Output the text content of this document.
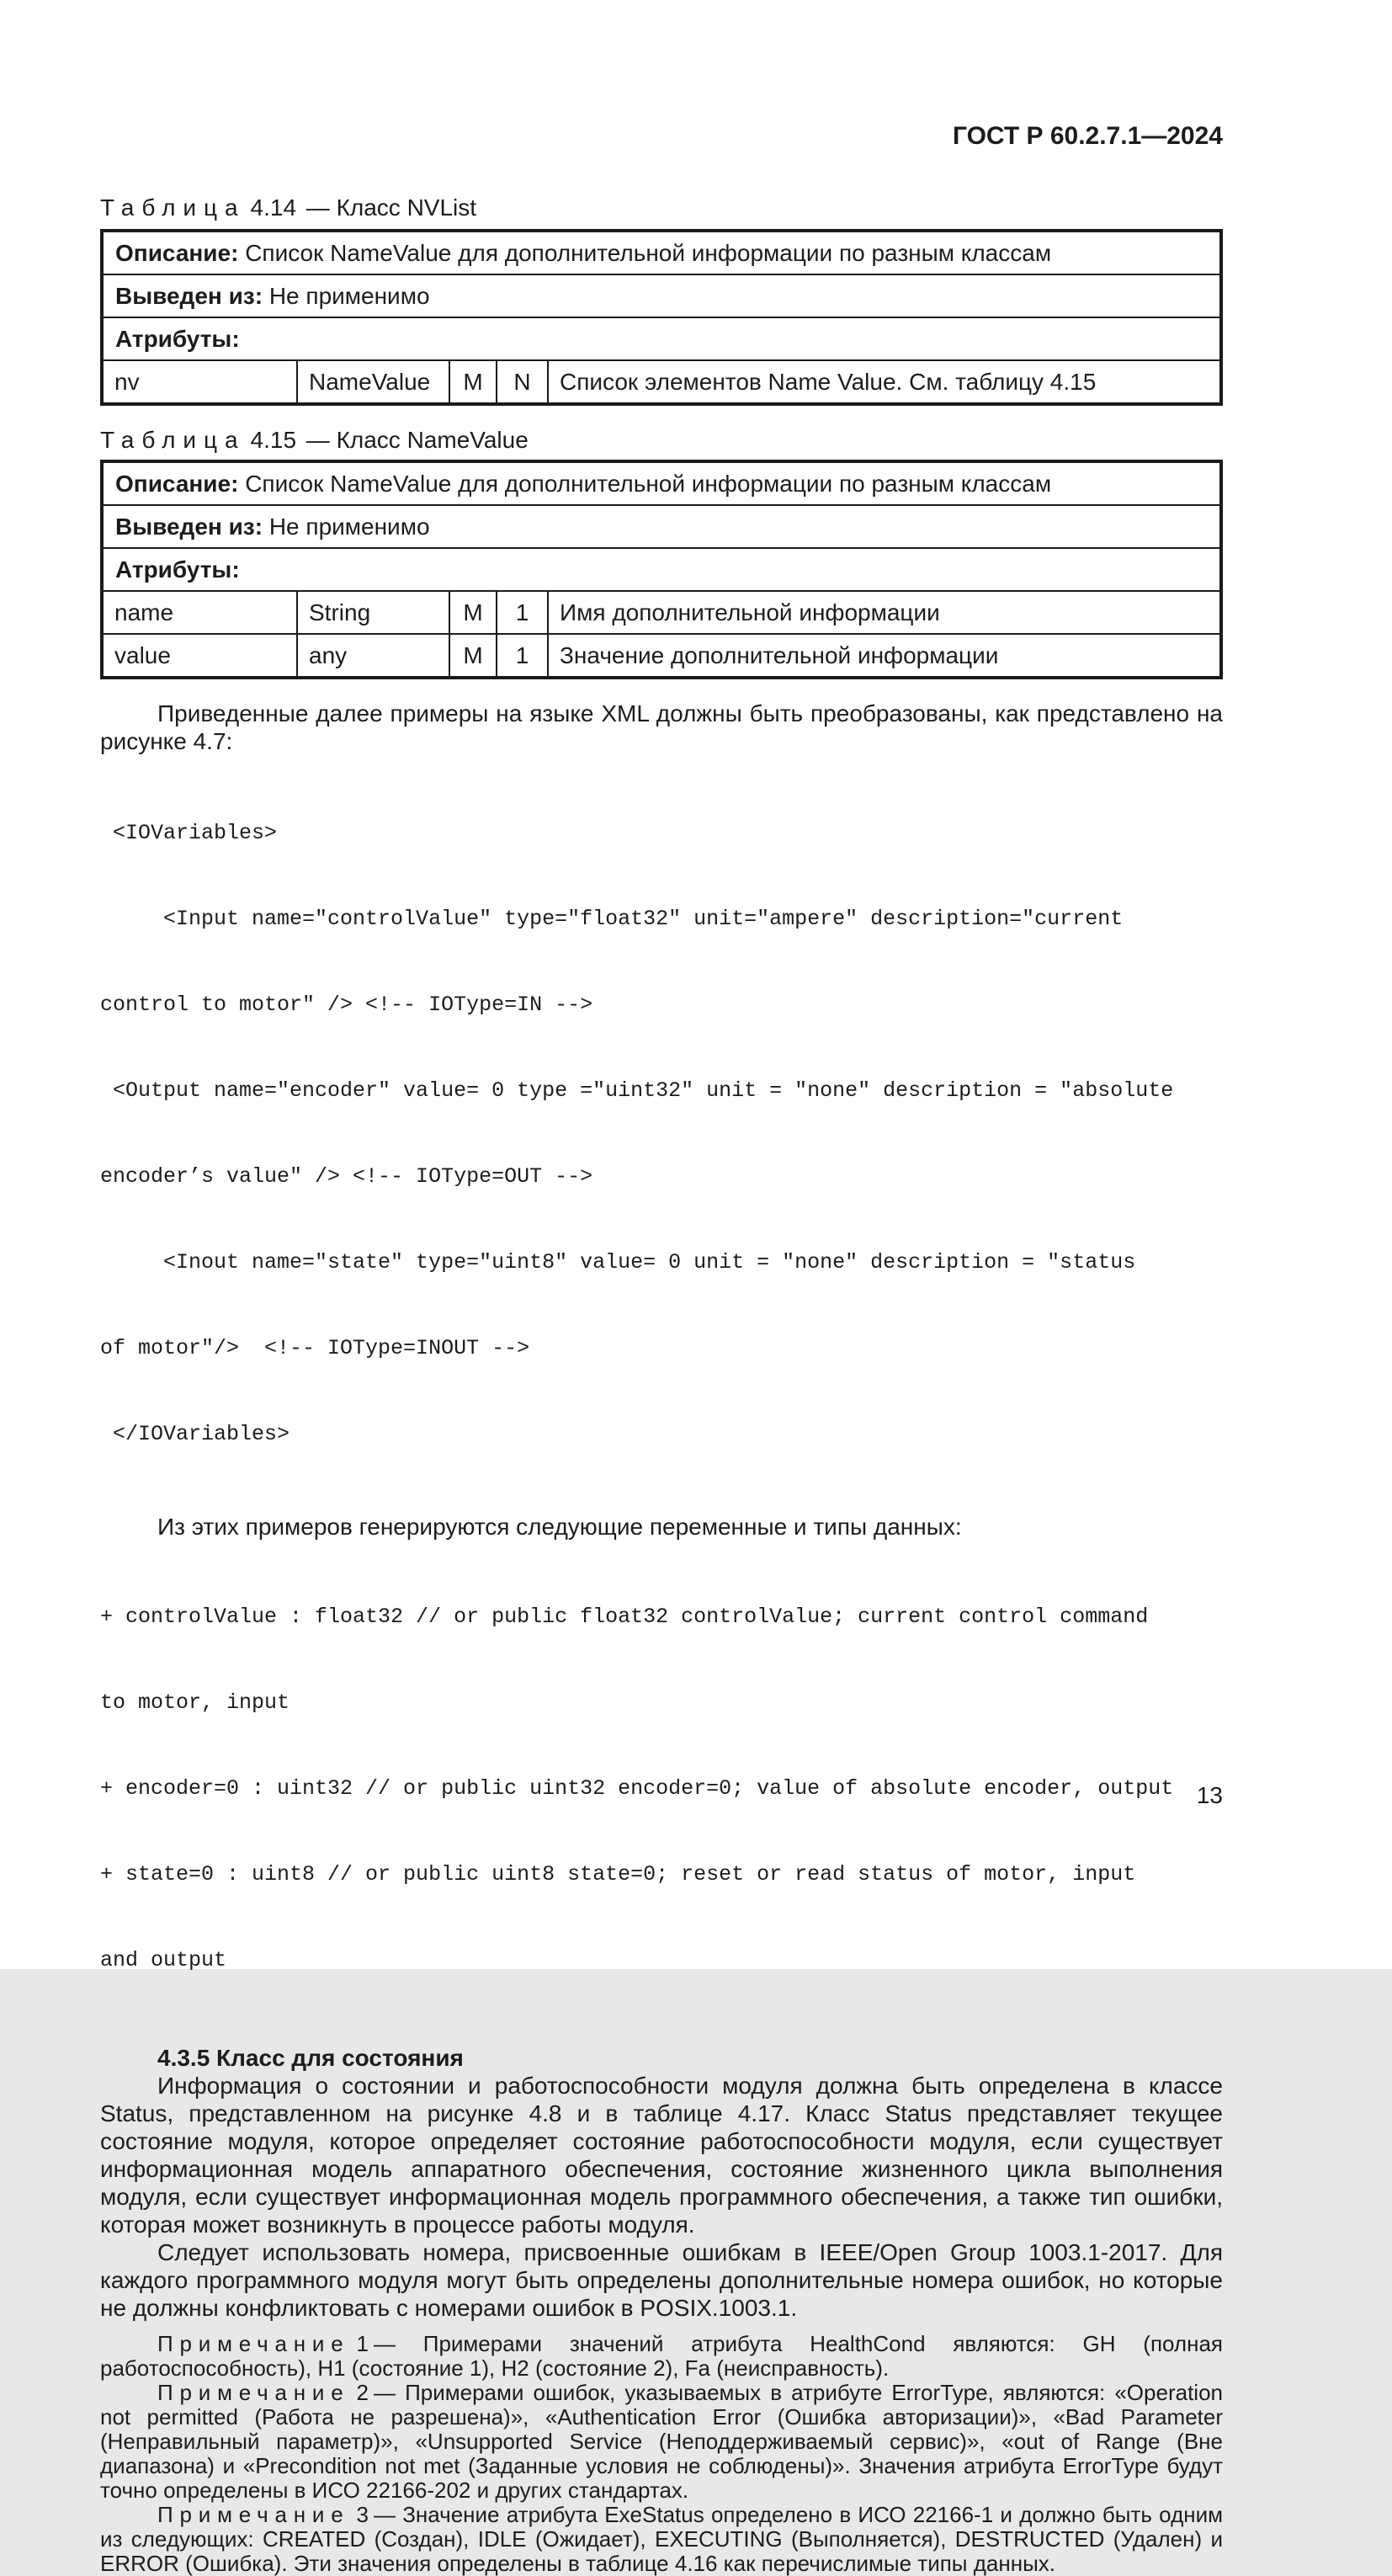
ГОСТ Р 60.2.7.1—2024
Таблица 4.14 — Класс NVList
Описание:
Список NameValue для дополнительной информации по разным классам
Выведен из:
Не применимо
Атрибуты:
nv	NameValue	M	N	Список элементов Name Value. См. таблицу 4.15
Таблица 4.15 — Класс NameValue
Описание:
Список NameValue для дополнительной информации по разным классам
Выведен из:
Не применимо
Атрибуты:
name	String	M	1	Имя дополнительной информации
value	any	M	1	Значение дополнительной информации

Приведенные далее примеры на языке XML должны быть преобразованы, как представлено на рисунке 4.7:

<IOVariables>

<Input name="controlValue" type="float32" unit="ampere" description="current

control to motor" /> <!-- IOType=IN -->

<Output name="encoder" value= 0 type ="uint32" unit = "none" description = "absolute

encoder’s value" /> <!-- IOType=OUT -->

<Inout name="state" type="uint8" value= 0 unit = "none" description = "status

of motor"/>  <!-- IOType=INOUT -->

</IOVariables>

Из этих примеров генерируются следующие переменные и типы данных:

+ controlValue : float32 // or public float32 controlValue; current control command

to motor, input

+ encoder=0 : uint32 // or public uint32 encoder=0; value of absolute encoder, output

+ state=0 : uint8 // or public uint8 state=0; reset or read status of motor, input

and output

4.3.5 Класс для состояния

Информация о состоянии и работоспособности модуля должна быть определена в классе Status, представленном на рисунке 4.8 и в таблице 4.17. Класс Status представляет текущее состояние модуля, которое определяет состояние работоспособности модуля, если существует информационная модель аппаратного обеспечения, состояние жизненного цикла выполнения модуля, если существует информационная модель программного обеспечения, а также тип ошибки, которая может возникнуть в процессе работы модуля.

Следует использовать номера, присвоенные ошибкам в IEEE/Open Group 1003.1-2017. Для каждого программного модуля могут быть определены дополнительные номера ошибок, но которые не должны конфликтовать с номерами ошибок в POSIX.1003.1.

Примечание 1 — Примерами значений атрибута HealthCond являются: GH (полная работоспособность), H1 (состояние 1), H2 (состояние 2), Fa (неисправность).

Примечание 2 — Примерами ошибок, указываемых в атрибуте ErrorType, являются: «Operation not permitted (Работа не разрешена)», «Authentication Error (Ошибка авторизации)», «Bad Parameter (Неправильный параметр)», «Unsupported Service (Неподдерживаемый сервис)», «out of Range (Вне диапазона) и «Precondition not met (Заданные условия не соблюдены)». Значения атрибута ErrorType будут точно определены в ИСО 22166-202 и других стандартах.

Примечание 3 — Значение атрибута ExeStatus определено в ИСО 22166-1 и должно быть одним из следующих: CREATED (Создан), IDLE (Ожидает), EXECUTING (Выполняется), DESTRUCTED (Удален) и ERROR (Ошибка). Эти значения определены в таблице 4.16 как перечислимые типы данных.

13
